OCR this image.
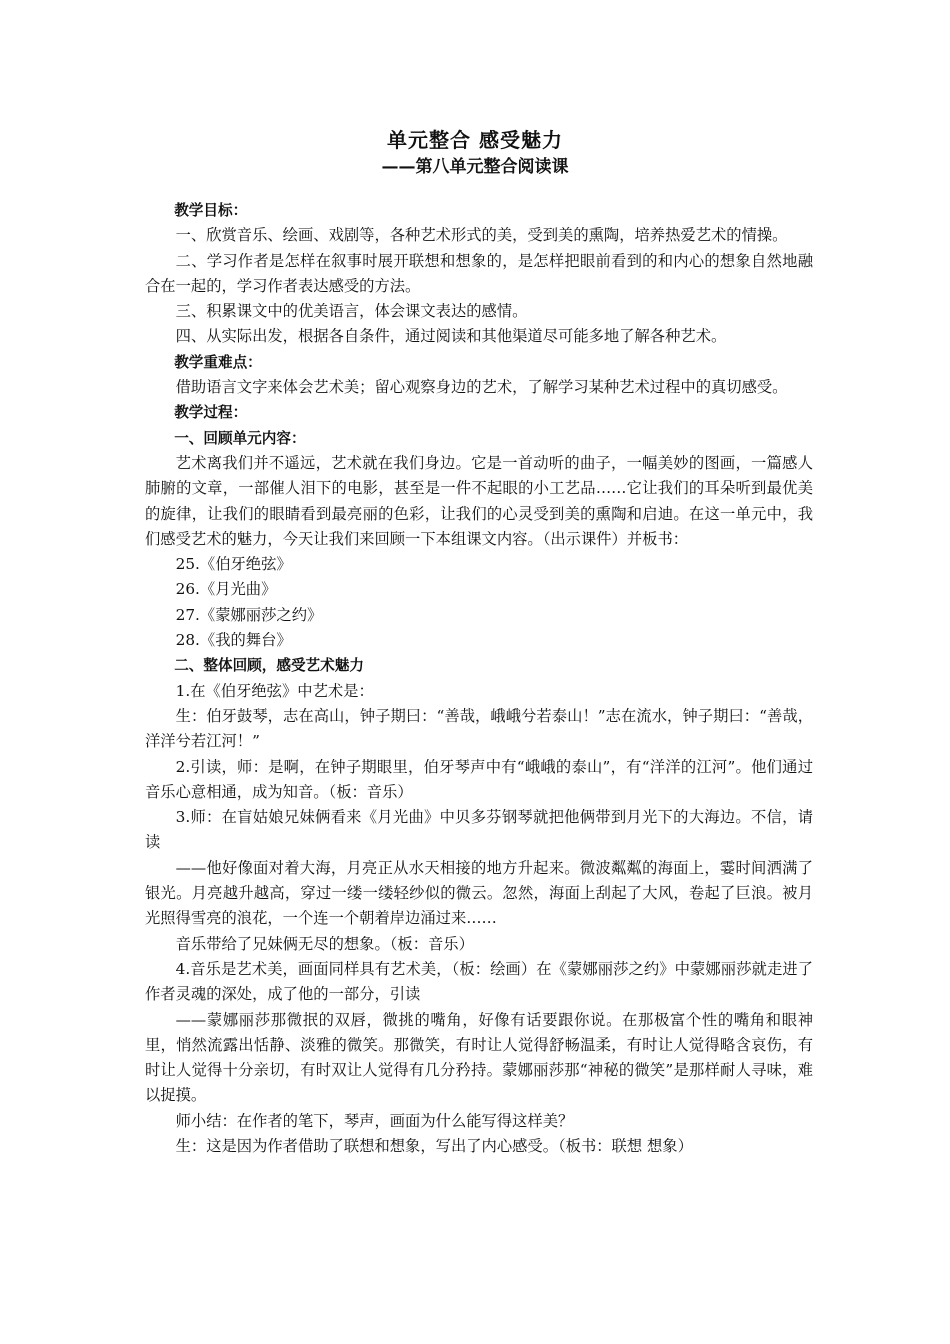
单元整合 感受魅力
——第八单元整合阅读课

教学目标：

一、欣赏音乐、绘画、戏剧等，各种艺术形式的美，受到美的熏陶，培养热爱艺术的情操。

二、学习作者是怎样在叙事时展开联想和想象的，是怎样把眼前看到的和内心的想象自然地融合在一起的，学习作者表达感受的方法。

三、积累课文中的优美语言，体会课文表达的感情。

四、从实际出发，根据各自条件，通过阅读和其他渠道尽可能多地了解各种艺术。

教学重难点：

借助语言文字来体会艺术美；留心观察身边的艺术，了解学习某种艺术过程中的真切感受。

教学过程：

一、回顾单元内容：

艺术离我们并不遥远，艺术就在我们身边。它是一首动听的曲子，一幅美妙的图画，一篇感人肺腑的文章，一部催人泪下的电影，甚至是一件不起眼的小工艺品……它让我们的耳朵听到最优美的旋律，让我们的眼睛看到最亮丽的色彩，让我们的心灵受到美的熏陶和启迪。在这一单元中，我们感受艺术的魅力，今天让我们来回顾一下本组课文内容。（出示课件）并板书：

25.《伯牙绝弦》

26.《月光曲》

27.《蒙娜丽莎之约》

28.《我的舞台》

二、整体回顾，感受艺术魅力

1.在《伯牙绝弦》中艺术是：

生：伯牙鼓琴，志在高山，钟子期曰：“善哉，峨峨兮若泰山！”志在流水，钟子期曰：“善哉，洋洋兮若江河！”

2.引读，师：是啊，在钟子期眼里，伯牙琴声中有“峨峨的泰山”，有“洋洋的江河”。他们通过音乐心意相通，成为知音。（板：音乐）

3.师：在盲姑娘兄妹俩看来《月光曲》中贝多芬钢琴就把他俩带到月光下的大海边。不信，请读

——他好像面对着大海，月亮正从水天相接的地方升起来。微波粼粼的海面上，霎时间洒满了银光。月亮越升越高，穿过一缕一缕轻纱似的微云。忽然，海面上刮起了大风，卷起了巨浪。被月光照得雪亮的浪花，一个连一个朝着岸边涌过来……

音乐带给了兄妹俩无尽的想象。（板：音乐）

4.音乐是艺术美，画面同样具有艺术美，（板：绘画）在《蒙娜丽莎之约》中蒙娜丽莎就走进了作者灵魂的深处，成了他的一部分，引读

——蒙娜丽莎那微抿的双唇，微挑的嘴角，好像有话要跟你说。在那极富个性的嘴角和眼神里，悄然流露出恬静、淡雅的微笑。那微笑，有时让人觉得舒畅温柔，有时让人觉得略含哀伤，有时让人觉得十分亲切，有时双让人觉得有几分矜持。蒙娜丽莎那“神秘的微笑”是那样耐人寻味，难以捉摸。

师小结：在作者的笔下，琴声，画面为什么能写得这样美？

生：这是因为作者借助了联想和想象，写出了内心感受。（板书：联想 想象）
